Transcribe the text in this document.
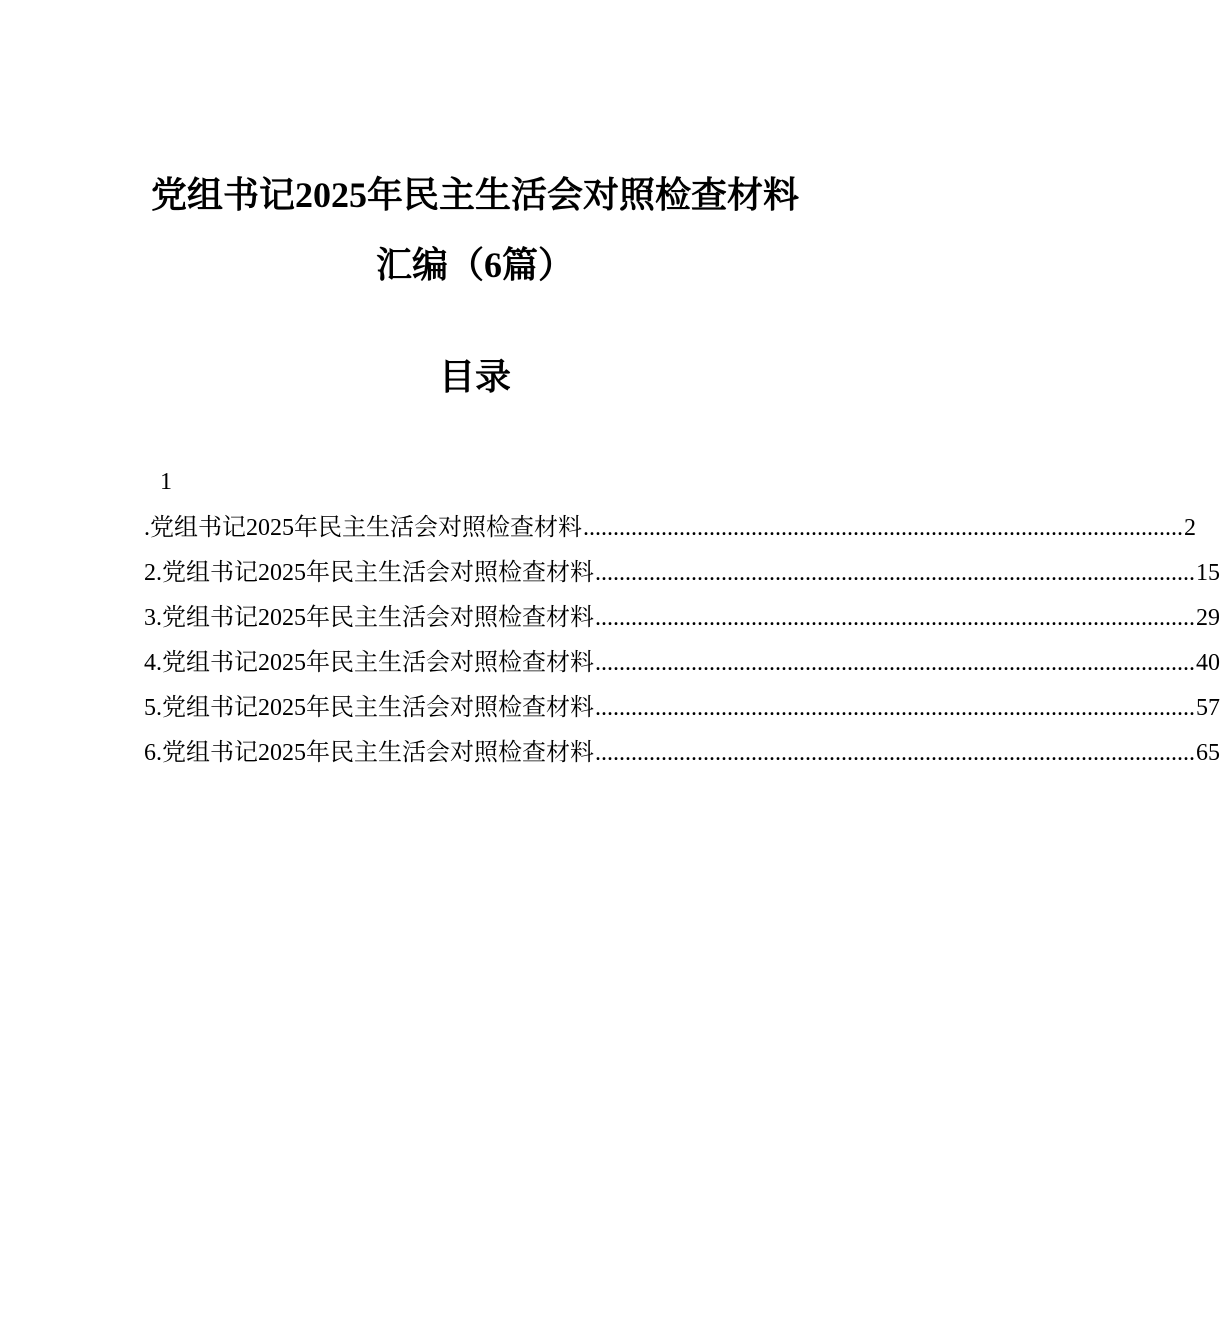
党组书记2025年民主生活会对照检查材料
汇编（6篇）
目录
1
.党组书记2025年民主生活会对照检查材料 .................................................................................................... 2
2.党组书记2025年民主生活会对照检查材料 .................................................................................................... 15
3.党组书记2025年民主生活会对照检查材料 .................................................................................................... 29
4.党组书记2025年民主生活会对照检查材料 .................................................................................................... 40
5.党组书记2025年民主生活会对照检查材料 .................................................................................................... 57
6.党组书记2025年民主生活会对照检查材料 .................................................................................................... 65
